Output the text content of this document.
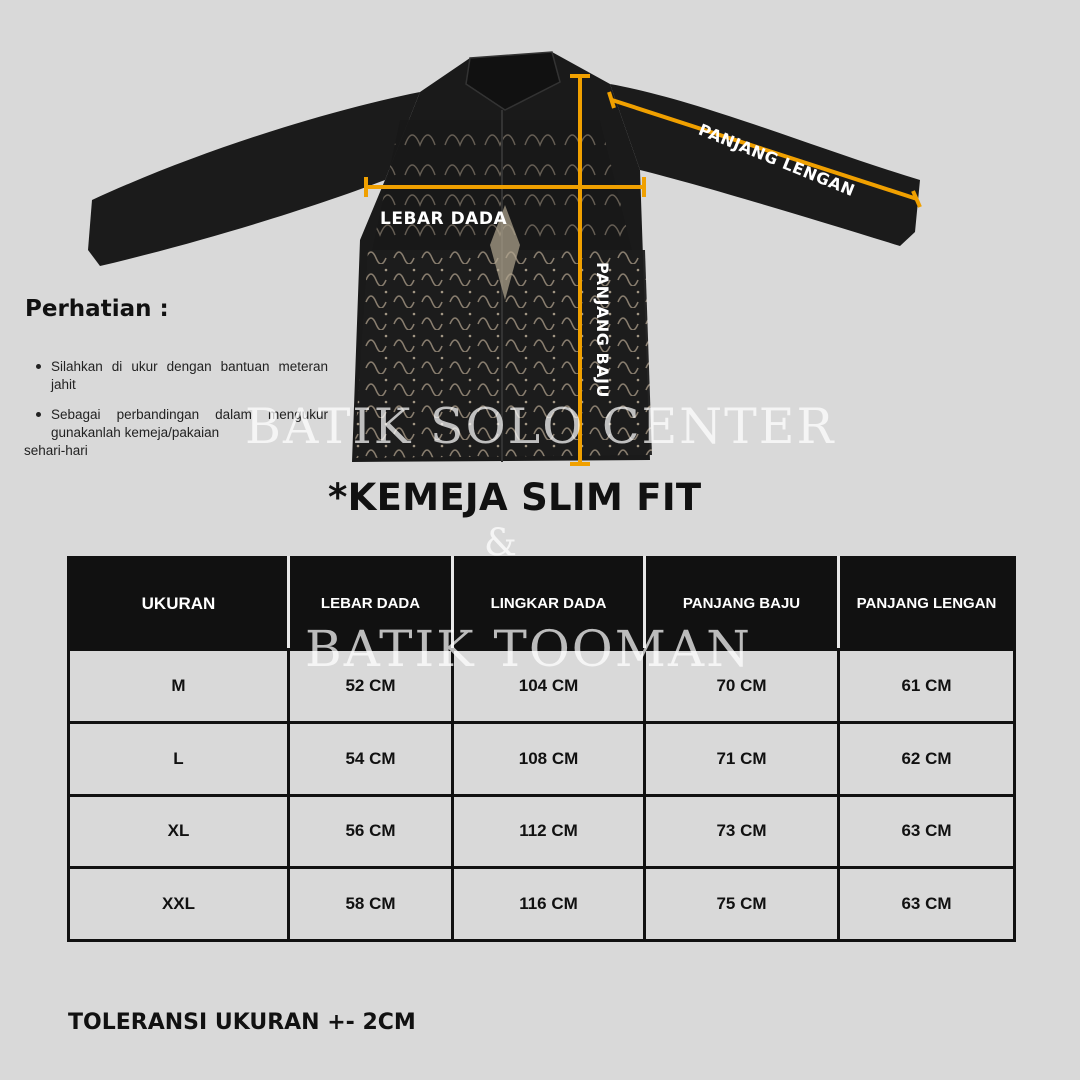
LEBAR DADA
PANJANG LENGAN
PANJANG BAJU
Perhatian :
Silahkan di ukur dengan bantuan meteran jahit
Sebagai perbandingan dalam mengukur gunakanlah kemeja/pakaian
sehari-hari
*KEMEJA SLIM FIT
UKURAN	LEBAR DADA	LINGKAR DADA	PANJANG BAJU	PANJANG LENGAN
M	52 CM	104 CM	70 CM	61 CM
L	54 CM	108 CM	71 CM	62 CM
XL	56 CM	112 CM	73 CM	63 CM
XXL	58 CM	116 CM	75 CM	63 CM
BATIK SOLO CENTER
&
BATIK TOOMAN
TOLERANSI UKURAN +- 2CM
